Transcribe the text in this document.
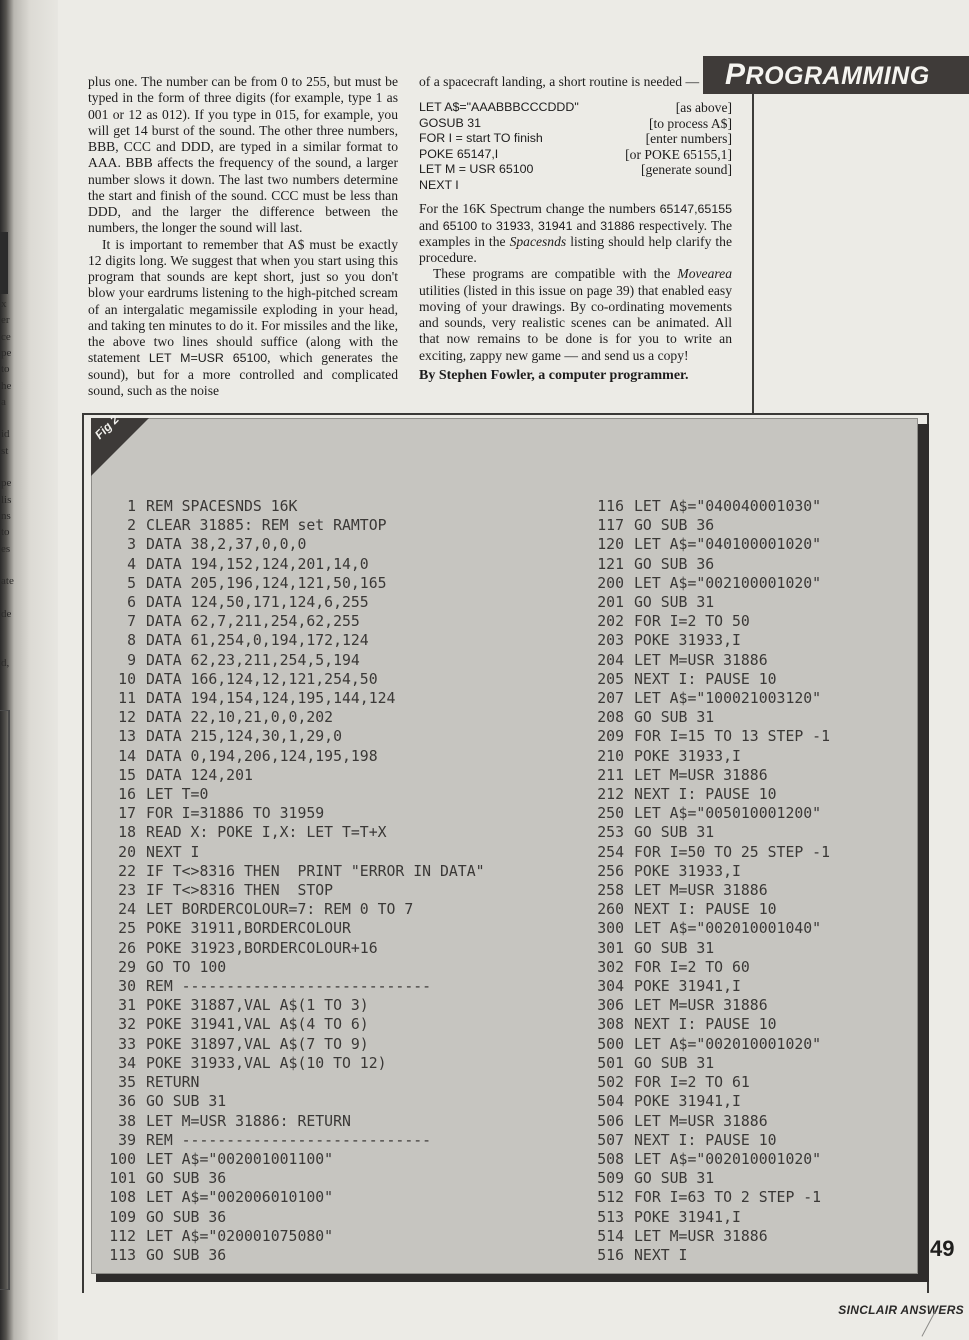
x
er
ce
pe
to
he
a
id
st
pe
lis
ns
to
es
ate
de
d,
PROGRAMMING

plus one. The number can be from 0 to 255, but must be typed in the form of three digits (for example, type 1 as 001 or 12 as 012). If you type in 015, for example, you will get 14 burst of the sound. The other three numbers, BBB, CCC and DDD, are typed in a similar format to AAA. BBB affects the frequency of the sound, a larger number slows it down. The last two numbers determine the start and finish of the sound. CCC must be less than DDD, and the larger the difference between the numbers, the longer the sound will last.

It is important to remember that A$ must be exactly 12 digits long. We suggest that when you start using this program that sounds are kept short, just so you don't blow your eardrums listening to the high-pitched scream of an intergalatic megamissile exploding in your head, and taking ten minutes to do it. For missiles and the like, the above two lines should suffice (along with the statement LET M=USR 65100, which generates the sound), but for a more controlled and complicated sound, such as the noise

of a spacecraft landing, a short routine is needed —

LET A$="AAABBBCCCDDD"	[as above]
GOSUB 31	[to process A$]
FOR I = start TO finish	[enter numbers]
POKE 65147,I	[or POKE 65155,1]
LET M = USR 65100	[generate sound]
NEXT I	

For the 16K Spectrum change the numbers 65147,65155 and 65100 to 31933, 31941 and 31886 respectively. The examples in the Spacesnds listing should help clarify the procedure.

These programs are compatible with the Movearea utilities (listed in this issue on page 39) that enabled easy moving of your drawings. By co-ordinating movements and sounds, very realistic scenes can be animated. All that now remains to be done is for you to write an exciting, zappy new game — and send us a copy!

By Stephen Fowler, a computer programmer.
1 REM SPACESNDS 16K
2 CLEAR 31885: REM set RAMTOP
3 DATA 38,2,37,0,0,0
4 DATA 194,152,124,201,14,0
5 DATA 205,196,124,121,50,165
6 DATA 124,50,171,124,6,255
7 DATA 62,7,211,254,62,255
8 DATA 61,254,0,194,172,124
9 DATA 62,23,211,254,5,194
10 DATA 166,124,12,121,254,50
11 DATA 194,154,124,195,144,124
12 DATA 22,10,21,0,0,202
13 DATA 215,124,30,1,29,0
14 DATA 0,194,206,124,195,198
15 DATA 124,201
16 LET T=0
17 FOR I=31886 TO 31959
18 READ X: POKE I,X: LET T=T+X
20 NEXT I
22 IF T<>8316 THEN  PRINT "ERROR IN DATA"
23 IF T<>8316 THEN  STOP
24 LET BORDERCOLOUR=7: REM 0 TO 7
25 POKE 31911,BORDERCOLOUR
26 POKE 31923,BORDERCOLOUR+16
29 GO TO 100
30 REM ----------------------------
31 POKE 31887,VAL A$(1 TO 3)
32 POKE 31941,VAL A$(4 TO 6)
33 POKE 31897,VAL A$(7 TO 9)
34 POKE 31933,VAL A$(10 TO 12)
35 RETURN
36 GO SUB 31
38 LET M=USR 31886: RETURN
39 REM ----------------------------
100 LET A$="002001001100"
101 GO SUB 36
108 LET A$="002006010100"
109 GO SUB 36
112 LET A$="020001075080"
113 GO SUB 36
116 LET A$="040040001030"
117 GO SUB 36
120 LET A$="040100001020"
121 GO SUB 36
200 LET A$="002100001020"
201 GO SUB 31
202 FOR I=2 TO 50
203 POKE 31933,I
204 LET M=USR 31886
205 NEXT I: PAUSE 10
207 LET A$="100021003120"
208 GO SUB 31
209 FOR I=15 TO 13 STEP -1
210 POKE 31933,I
211 LET M=USR 31886
212 NEXT I: PAUSE 10
250 LET A$="005010001200"
253 GO SUB 31
254 FOR I=50 TO 25 STEP -1
256 POKE 31933,I
258 LET M=USR 31886
260 NEXT I: PAUSE 10
300 LET A$="002010001040"
301 GO SUB 31
302 FOR I=2 TO 60
304 POKE 31941,I
306 LET M=USR 31886
308 NEXT I: PAUSE 10
500 LET A$="002010001020"
501 GO SUB 31
502 FOR I=2 TO 61
504 POKE 31941,I
506 LET M=USR 31886
507 NEXT I: PAUSE 10
508 LET A$="002010001020"
509 GO SUB 31
512 FOR I=63 TO 2 STEP -1
513 POKE 31941,I
514 LET M=USR 31886
516 NEXT I
Fig 2
49
SINCLAIR ANSWERS
